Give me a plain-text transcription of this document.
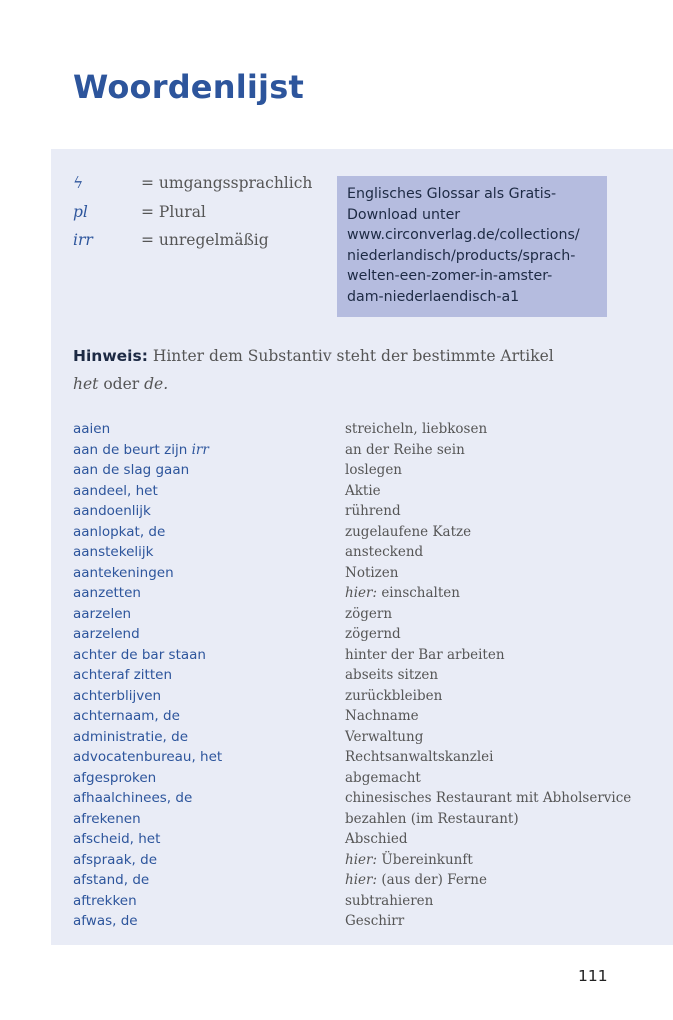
Woordenlijst
ϟ	= umgangssprachlich
pl	= Plural
irr	= unregelmäßig
Englisches Glossar als Gratis-
Download unter
www.circonverlag.de/collections/
niederlandisch/products/sprach-
welten-een-zomer-in-amster-
dam-niederlaendisch-a1
Hinweis: Hinter dem Substantiv steht der bestimmte Artikel
het oder de.
aaien	streicheln, liebkosen
aan de beurt zijn irr	an der Reihe sein
aan de slag gaan	loslegen
aandeel, het	Aktie
aandoenlijk	rührend
aanlopkat, de	zugelaufene Katze
aanstekelijk	ansteckend
aantekeningen	Notizen
aanzetten	hier: einschalten
aarzelen	zögern
aarzelend	zögernd
achter de bar staan	hinter der Bar arbeiten
achteraf zitten	abseits sitzen
achterblijven	zurückbleiben
achternaam, de	Nachname
administratie, de	Verwaltung
advocatenbureau, het	Rechtsanwaltskanzlei
afgesproken	abgemacht
afhaalchinees, de	chinesisches Restaurant mit Abholservice
afrekenen	bezahlen (im Restaurant)
afscheid, het	Abschied
afspraak, de	hier: Übereinkunft
afstand, de	hier: (aus der) Ferne
aftrekken	subtrahieren
afwas, de	Geschirr
111
